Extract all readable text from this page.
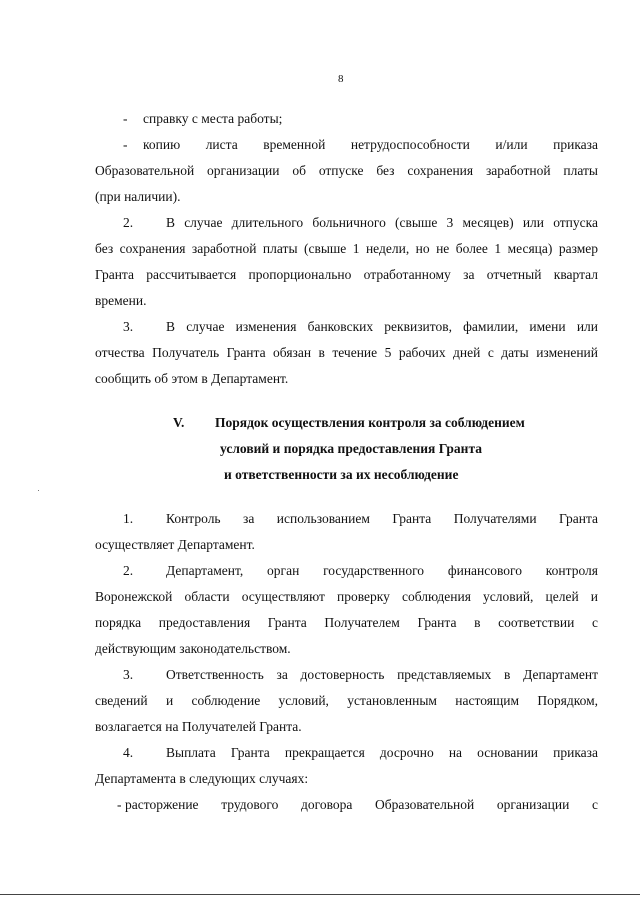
8
- справку с места работы;
- копию листа временной нетрудоспособности и/или приказа
Образовательной организации об отпуске без сохранения заработной платы
(при наличии).
2. В случае длительного больничного (свыше 3 месяцев) или отпуска
без сохранения заработной платы (свыше 1 недели, но не более 1 месяца) размер
Гранта рассчитывается пропорционально отработанному за отчетный квартал
времени.
3. В случае изменения банковских реквизитов, фамилии, имени или
отчества Получатель Гранта обязан в течение 5 рабочих дней с даты изменений
сообщить об этом в Департамент.
V. Порядок осуществления контроля за соблюдением
условий и порядка предоставления Гранта
и ответственности за их несоблюдение
1. Контроль за использованием Гранта Получателями Гранта
осуществляет Департамент.
2. Департамент, орган государственного финансового контроля
Воронежской области осуществляют проверку соблюдения условий, целей и
порядка предоставления Гранта Получателем Гранта в соответствии с
действующим законодательством.
3. Ответственность за достоверность представляемых в Департамент
сведений и соблюдение условий, установленным настоящим Порядком,
возлагается на Получателей Гранта.
4. Выплата Гранта прекращается досрочно на основании приказа
Департамента в следующих случаях:
- расторжение трудового договора Образовательной организации с
